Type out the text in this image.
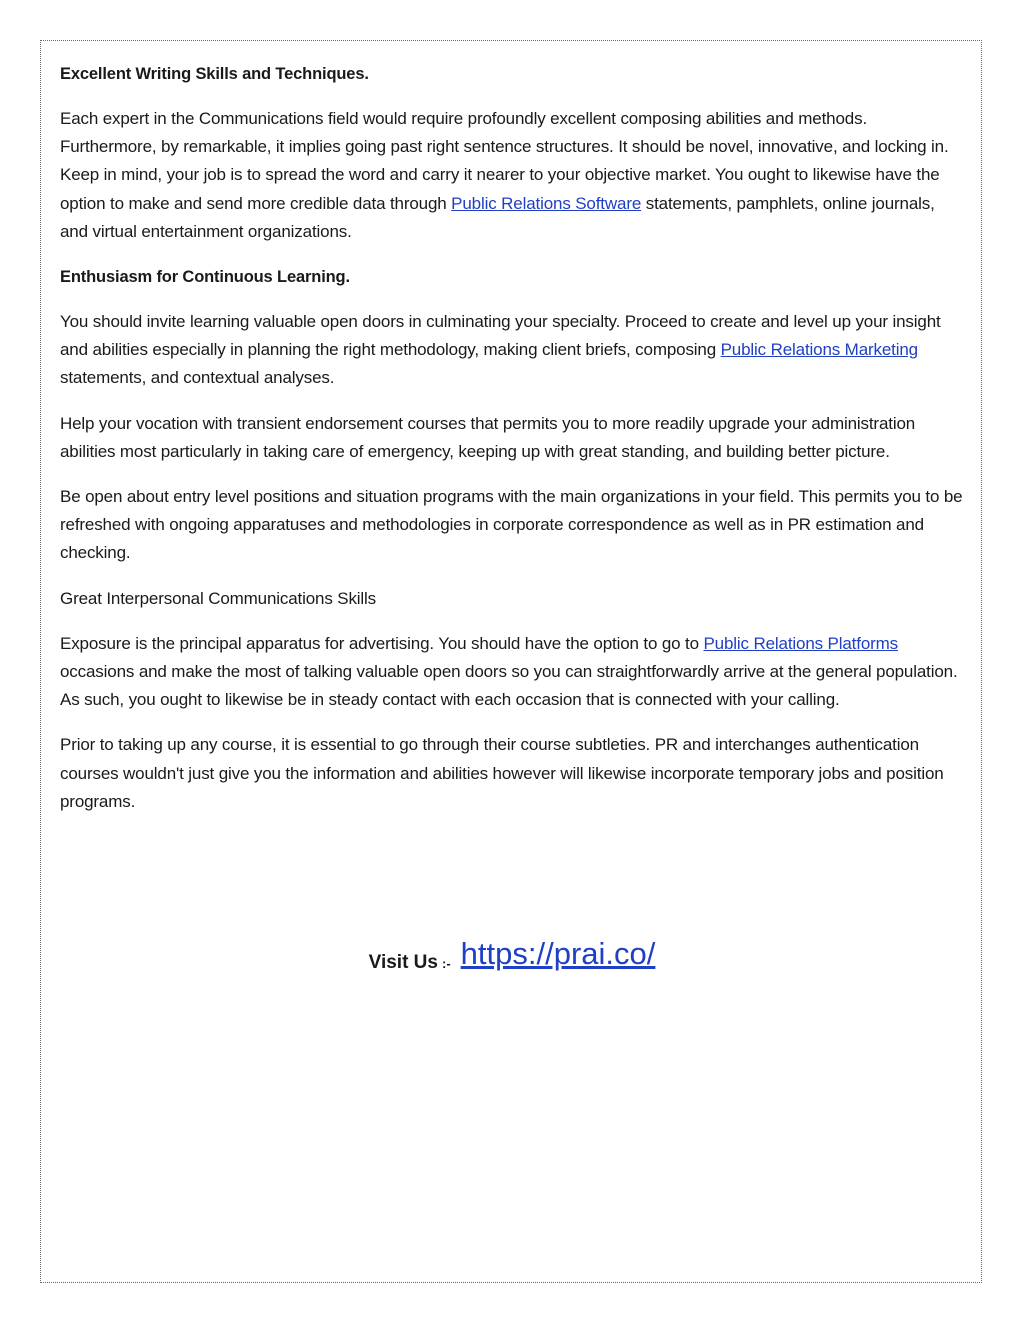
Excellent Writing Skills and Techniques.

Each expert in the Communications field would require profoundly excellent composing abilities and methods. Furthermore, by remarkable, it implies going past right sentence structures. It should be novel, innovative, and locking in. Keep in mind, your job is to spread the word and carry it nearer to your objective market. You ought to likewise have the option to make and send more credible data through Public Relations Software statements, pamphlets, online journals, and virtual entertainment organizations.

Enthusiasm for Continuous Learning.

You should invite learning valuable open doors in culminating your specialty. Proceed to create and level up your insight and abilities especially in planning the right methodology, making client briefs, composing Public Relations Marketing statements, and contextual analyses.

Help your vocation with transient endorsement courses that permits you to more readily upgrade your administration abilities most particularly in taking care of emergency, keeping up with great standing, and building better picture.

Be open about entry level positions and situation programs with the main organizations in your field. This permits you to be refreshed with ongoing apparatuses and methodologies in corporate correspondence as well as in PR estimation and checking.

Great Interpersonal Communications Skills

Exposure is the principal apparatus for advertising. You should have the option to go to Public Relations Platforms occasions and make the most of talking valuable open doors so you can straightforwardly arrive at the general population. As such, you ought to likewise be in steady contact with each occasion that is connected with your calling.

Prior to taking up any course, it is essential to go through their course subtleties. PR and interchanges authentication courses wouldn't just give you the information and abilities however will likewise incorporate temporary jobs and position programs.

Visit Us :- https://prai.co/
